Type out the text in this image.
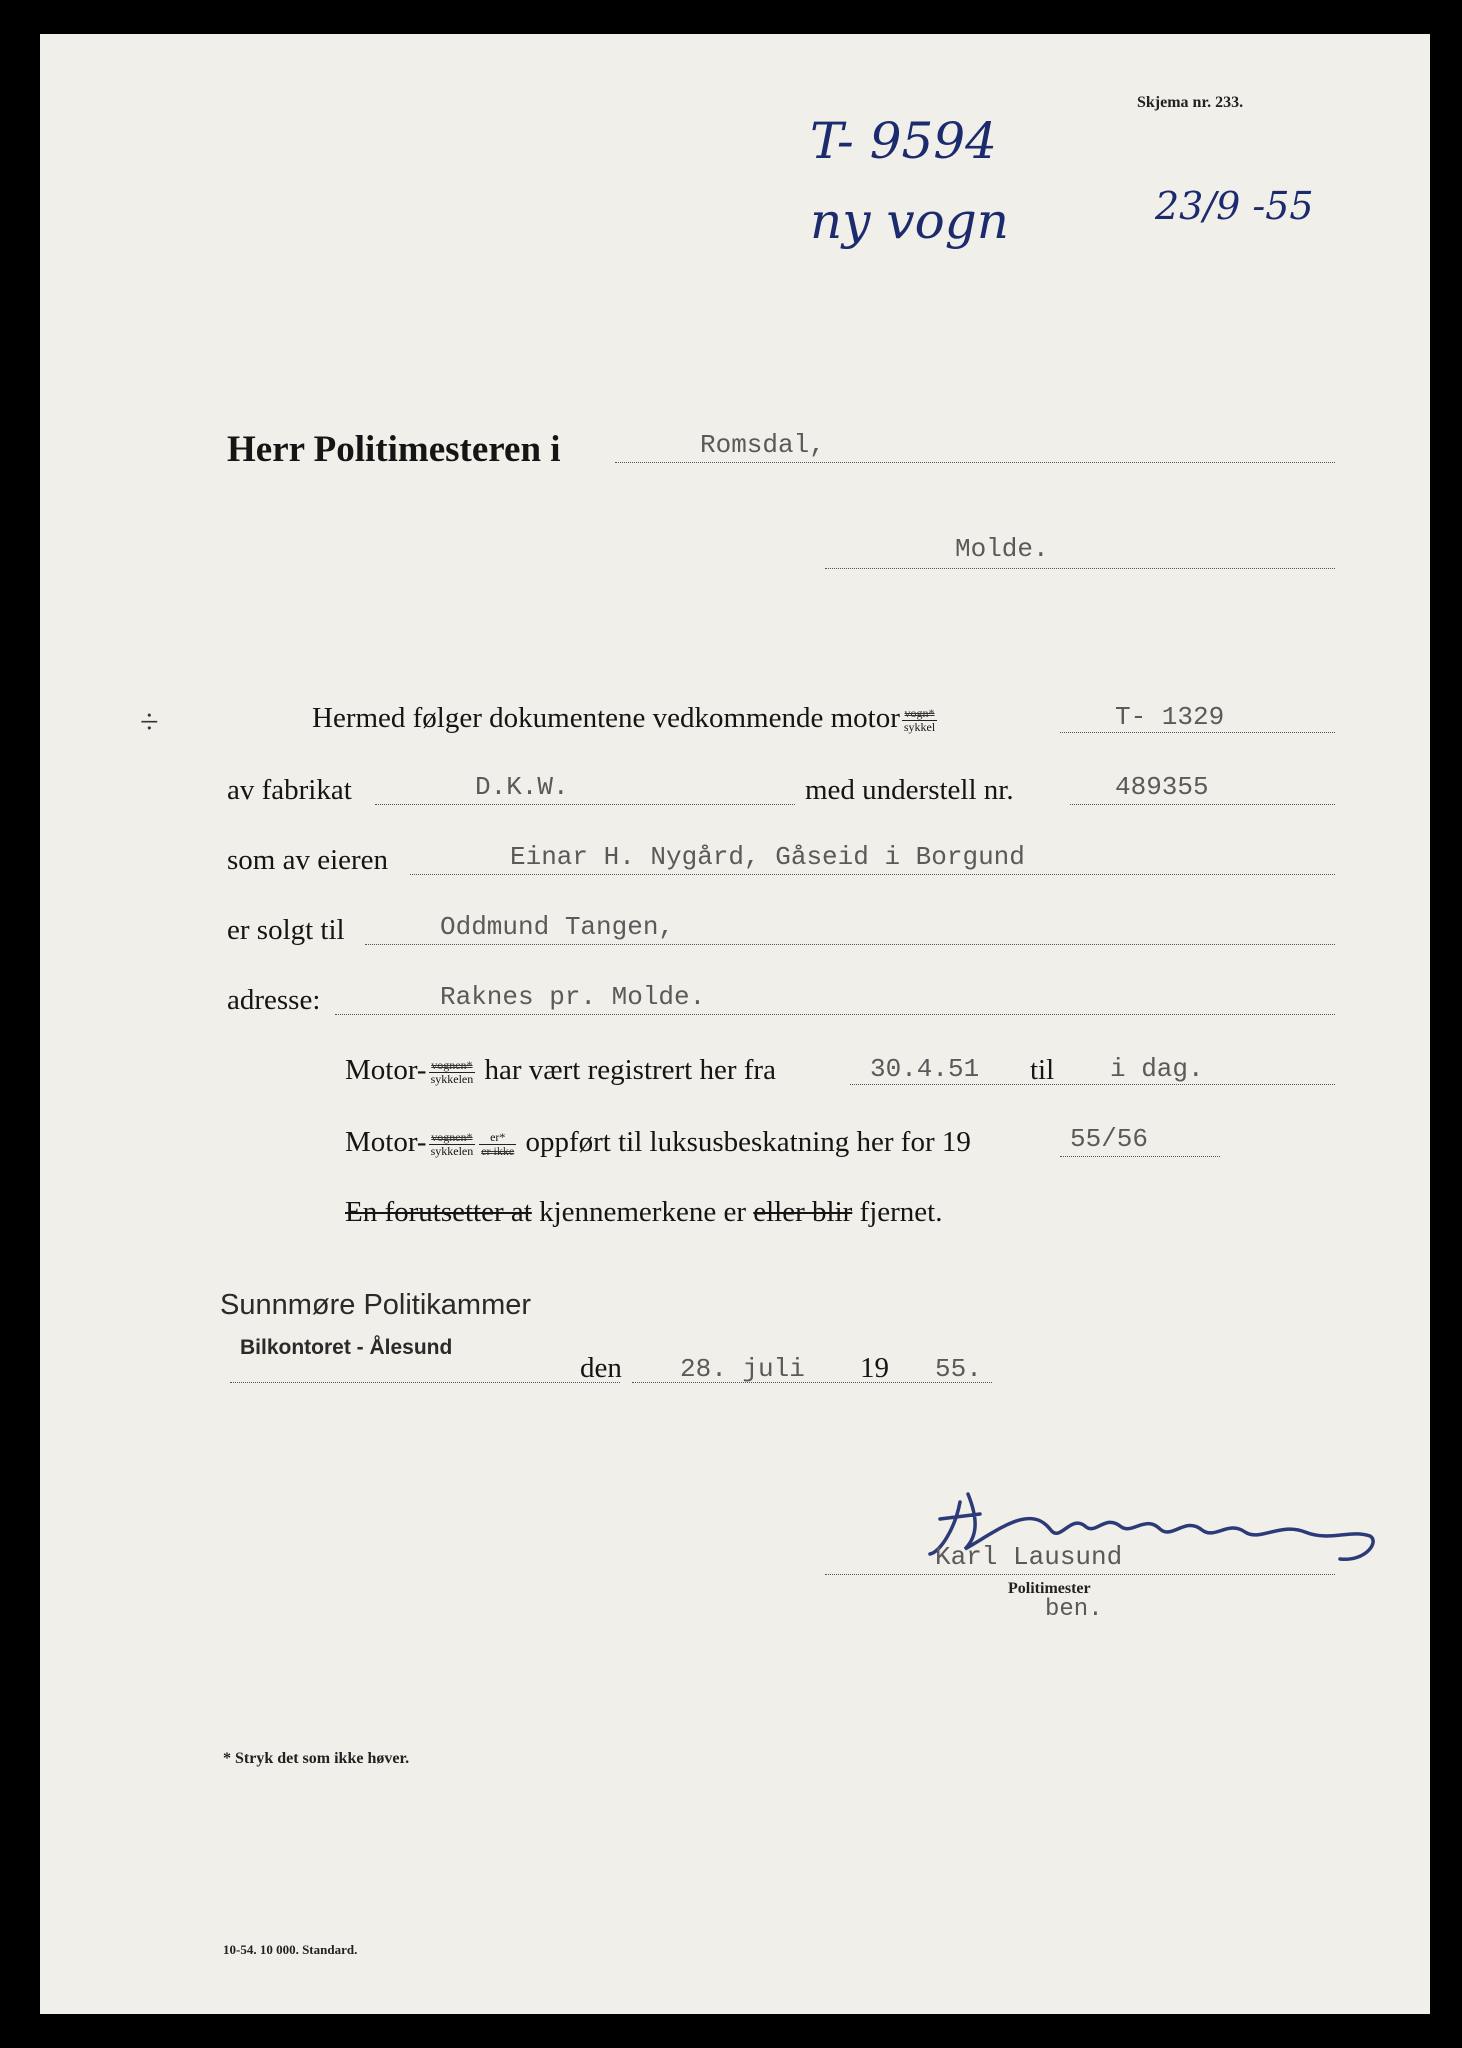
Skjema nr. 233.
T- 9594
ny vogn	23/9 -55
Herr Politimesteren i	Romsdal,
Molde.
÷	Hermed følger dokumentene vedkommende motor $\frac{\text{vogn*}}{\text{sykkel}}$	T- 1329
av fabrikat	D.K.W.	med understell nr.	489355
som av eieren	Einar H. Nygård, Gåseid i Borgund
er solgt til	Oddmund Tangen,
adresse:	Raknes pr. Molde.
Motor- $\frac{\text{vognen*}}{\text{sykkelen}}$ har vært registrert her fra	30.4.51 til i dag.
Motor- $\frac{\text{vognen*}}{\text{sykkelen}} \frac{er*}{\text{er ikke}}$ oppført til luksusbeskatning her for 19	55/56
En forutsetter at kjennemerkene er eller blir fjernet.
Sunnmøre Politikammer
Bilkontoret - Ålesund
den 28. juli 19 55.
Karl Lausund
Politimester
ben.
* Stryk det som ikke høver.
10-54. 10 000. Standard.
